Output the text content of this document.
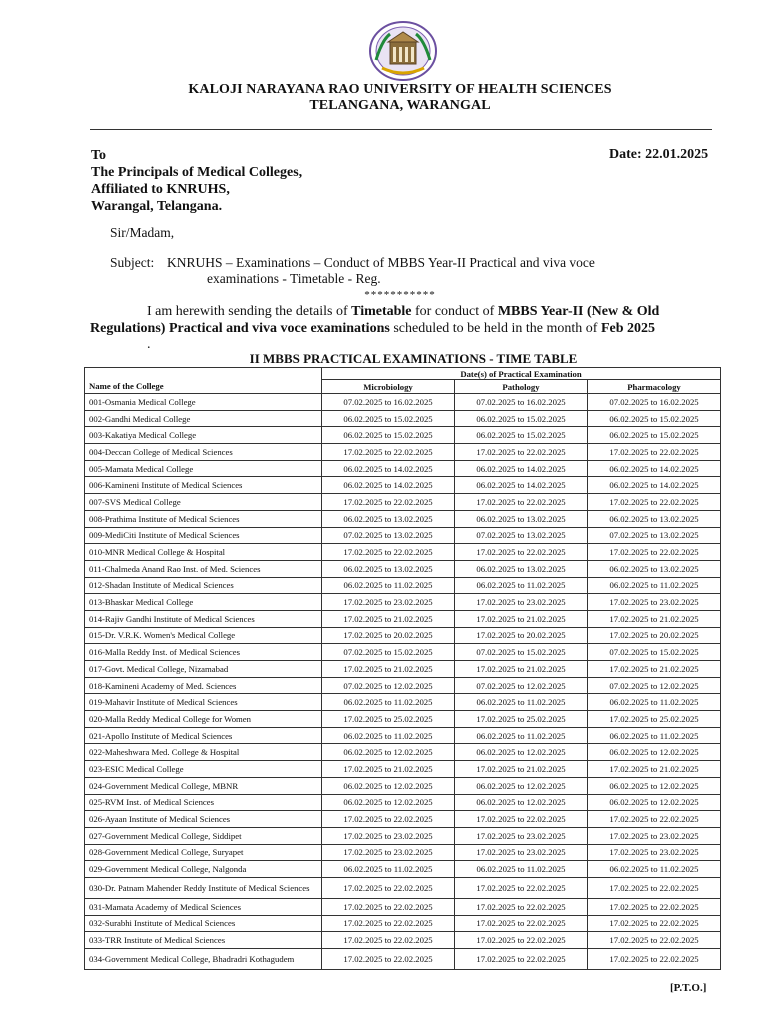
KALOJI NARAYANA RAO UNIVERSITY OF HEALTH SCIENCES
TELANGANA, WARANGAL
To
The Principals of Medical Colleges,
Affiliated to KNRUHS,
Warangal, Telangana.
Date: 22.01.2025
Sir/Madam,
Subject: KNRUHS – Examinations – Conduct of MBBS Year-II Practical and viva voce
examinations - Timetable - Reg.
***********
I am herewith sending the details of Timetable for conduct of MBBS Year-II (New & Old Regulations) Practical and viva voce examinations scheduled to be held in the month of Feb 2025
.
II MBBS PRACTICAL EXAMINATIONS - TIME TABLE
Name of the College	Date(s) of Practical Examination		
	Microbiology	Pathology	Pharmacology
001-Osmania Medical College	07.02.2025 to 16.02.2025	07.02.2025 to 16.02.2025	07.02.2025 to 16.02.2025
002-Gandhi Medical College	06.02.2025 to 15.02.2025	06.02.2025 to 15.02.2025	06.02.2025 to 15.02.2025
003-Kakatiya Medical College	06.02.2025 to 15.02.2025	06.02.2025 to 15.02.2025	06.02.2025 to 15.02.2025
004-Deccan College of Medical Sciences	17.02.2025 to 22.02.2025	17.02.2025 to 22.02.2025	17.02.2025 to 22.02.2025
005-Mamata Medical College	06.02.2025 to 14.02.2025	06.02.2025 to 14.02.2025	06.02.2025 to 14.02.2025
006-Kamineni Institute of Medical Sciences	06.02.2025 to 14.02.2025	06.02.2025 to 14.02.2025	06.02.2025 to 14.02.2025
007-SVS Medical College	17.02.2025 to 22.02.2025	17.02.2025 to 22.02.2025	17.02.2025 to 22.02.2025
008-Prathima Institute of Medical Sciences	06.02.2025 to 13.02.2025	06.02.2025 to 13.02.2025	06.02.2025 to 13.02.2025
009-MediCiti Institute of Medical Sciences	07.02.2025 to 13.02.2025	07.02.2025 to 13.02.2025	07.02.2025 to 13.02.2025
010-MNR Medical College & Hospital	17.02.2025 to 22.02.2025	17.02.2025 to 22.02.2025	17.02.2025 to 22.02.2025
011-Chalmeda Anand Rao Inst. of Med. Sciences	06.02.2025 to 13.02.2025	06.02.2025 to 13.02.2025	06.02.2025 to 13.02.2025
012-Shadan Institute of Medical Sciences	06.02.2025 to 11.02.2025	06.02.2025 to 11.02.2025	06.02.2025 to 11.02.2025
013-Bhaskar Medical College	17.02.2025 to 23.02.2025	17.02.2025 to 23.02.2025	17.02.2025 to 23.02.2025
014-Rajiv Gandhi Institute of Medical Sciences	17.02.2025 to 21.02.2025	17.02.2025 to 21.02.2025	17.02.2025 to 21.02.2025
015-Dr. V.R.K. Women's Medical College	17.02.2025 to 20.02.2025	17.02.2025 to 20.02.2025	17.02.2025 to 20.02.2025
016-Malla Reddy Inst. of Medical Sciences	07.02.2025 to 15.02.2025	07.02.2025 to 15.02.2025	07.02.2025 to 15.02.2025
017-Govt. Medical College, Nizamabad	17.02.2025 to 21.02.2025	17.02.2025 to 21.02.2025	17.02.2025 to 21.02.2025
018-Kamineni Academy of Med. Sciences	07.02.2025 to 12.02.2025	07.02.2025 to 12.02.2025	07.02.2025 to 12.02.2025
019-Mahavir Institute of Medical Sciences	06.02.2025 to 11.02.2025	06.02.2025 to 11.02.2025	06.02.2025 to 11.02.2025
020-Malla Reddy Medical College for Women	17.02.2025 to 25.02.2025	17.02.2025 to 25.02.2025	17.02.2025 to 25.02.2025
021-Apollo Institute of Medical Sciences	06.02.2025 to 11.02.2025	06.02.2025 to 11.02.2025	06.02.2025 to 11.02.2025
022-Maheshwara Med. College & Hospital	06.02.2025 to 12.02.2025	06.02.2025 to 12.02.2025	06.02.2025 to 12.02.2025
023-ESIC Medical College	17.02.2025 to 21.02.2025	17.02.2025 to 21.02.2025	17.02.2025 to 21.02.2025
024-Government Medical College, MBNR	06.02.2025 to 12.02.2025	06.02.2025 to 12.02.2025	06.02.2025 to 12.02.2025
025-RVM Inst. of Medical Sciences	06.02.2025 to 12.02.2025	06.02.2025 to 12.02.2025	06.02.2025 to 12.02.2025
026-Ayaan Institute of Medical Sciences	17.02.2025 to 22.02.2025	17.02.2025 to 22.02.2025	17.02.2025 to 22.02.2025
027-Government Medical College, Siddipet	17.02.2025 to 23.02.2025	17.02.2025 to 23.02.2025	17.02.2025 to 23.02.2025
028-Government Medical College, Suryapet	17.02.2025 to 23.02.2025	17.02.2025 to 23.02.2025	17.02.2025 to 23.02.2025
029-Government Medical College, Nalgonda	06.02.2025 to 11.02.2025	06.02.2025 to 11.02.2025	06.02.2025 to 11.02.2025
030-Dr. Patnam Mahender Reddy Institute of Medical Sciences	17.02.2025 to 22.02.2025	17.02.2025 to 22.02.2025	17.02.2025 to 22.02.2025
031-Mamata Academy of Medical Sciences	17.02.2025 to 22.02.2025	17.02.2025 to 22.02.2025	17.02.2025 to 22.02.2025
032-Surabhi Institute of Medical Sciences	17.02.2025 to 22.02.2025	17.02.2025 to 22.02.2025	17.02.2025 to 22.02.2025
033-TRR Institute of Medical Sciences	17.02.2025 to 22.02.2025	17.02.2025 to 22.02.2025	17.02.2025 to 22.02.2025
034-Government Medical College, Bhadradri Kothagudem	17.02.2025 to 22.02.2025	17.02.2025 to 22.02.2025	17.02.2025 to 22.02.2025
[P.T.O.]
